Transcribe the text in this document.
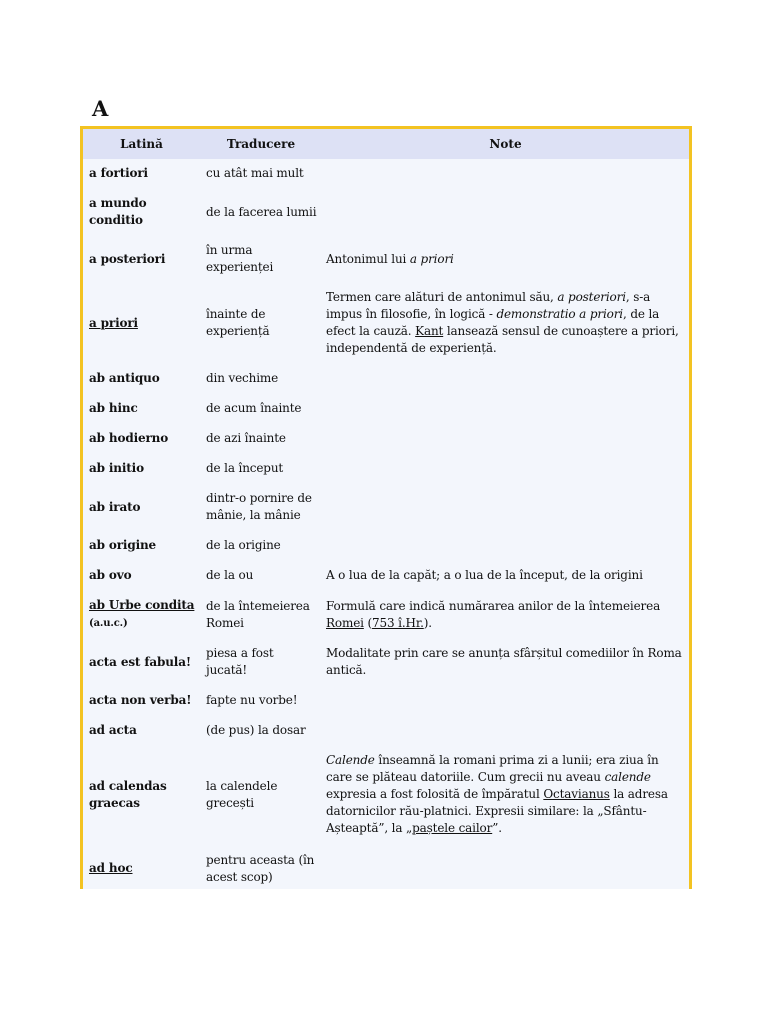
A
Latină	Traducere	Note
a fortiori	cu atât mai mult	
a mundo conditio	de la facerea lumii	
a posteriori	în urma experienței	Antonimul lui a priori
a priori	înainte de experiență	Termen care alături de antonimul său, a posteriori, s-a impus în filosofie, în logică - demonstratio a priori, de la efect la cauză. Kant lansează sensul de cunoaștere a priori, independentă de experiență.
ab antiquo	din vechime	
ab hinc	de acum înainte	
ab hodierno	de azi înainte	
ab initio	de la început	
ab irato	dintr-o pornire de mânie, la mânie	
ab origine	de la origine	
ab ovo	de la ou	A o lua de la capăt; a o lua de la început, de la origini
ab Urbe condita (a.u.c.)	de la întemeierea Romei	Formulă care indică numărarea anilor de la întemeierea Romei (753 î.Hr.).
acta est fabula!	piesa a fost jucată!	Modalitate prin care se anunța sfârșitul comediilor în Roma antică.
acta non verba!	fapte nu vorbe!	
ad acta	(de pus) la dosar	
ad calendas graecas	la calendele grecești	Calende înseamnă la romani prima zi a lunii; era ziua în care se plăteau datoriile. Cum grecii nu aveau calende expresia a fost folosită de împăratul Octavianus la adresa datornicilor rău-platnici. Expresii similare: la „Sfântu-Așteaptă”, la „paștele cailor”.
ad hoc	pentru aceasta (în acest scop)	
